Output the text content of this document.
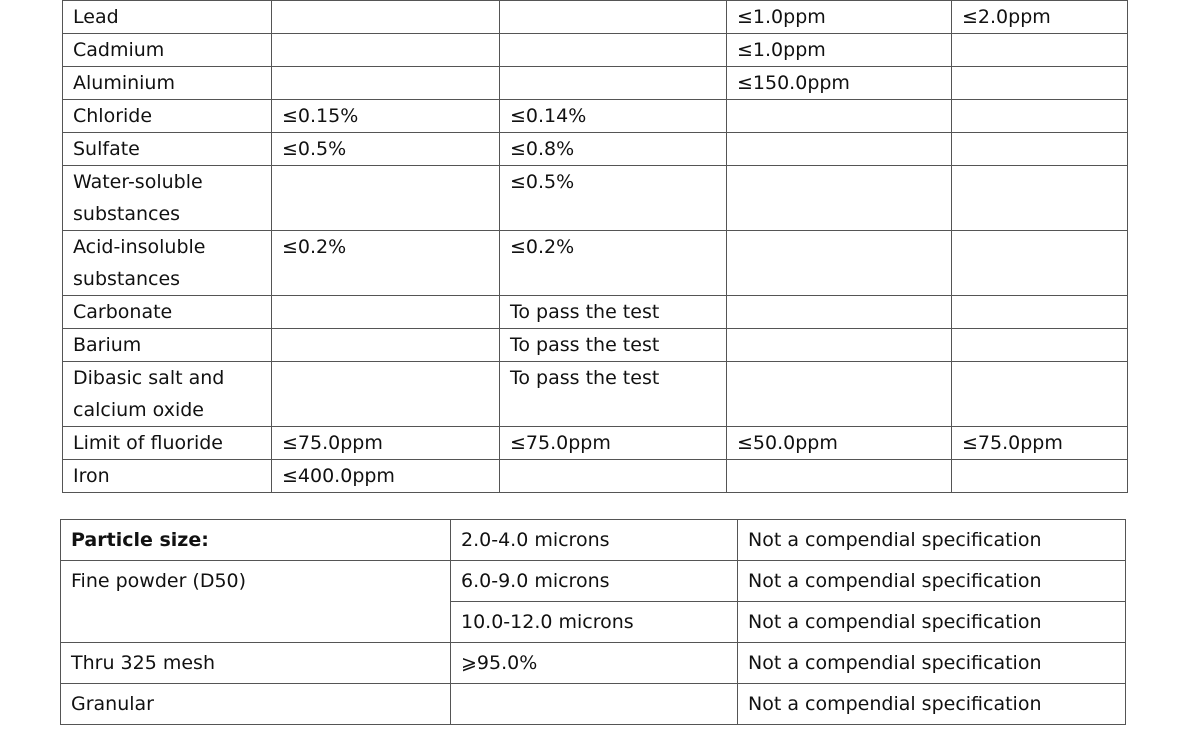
Lead			≤1.0ppm	≤2.0ppm
Cadmium			≤1.0ppm	
Aluminium			≤150.0ppm	
Chloride	≤0.15%	≤0.14%		
Sulfate	≤0.5%	≤0.8%		
Water-soluble substances		≤0.5%		
Acid-insoluble substances	≤0.2%	≤0.2%		
Carbonate		To pass the test		
Barium		To pass the test		
Dibasic salt and calcium oxide		To pass the test		
Limit of fluoride	≤75.0ppm	≤75.0ppm	≤50.0ppm	≤75.0ppm
Iron	≤400.0ppm			
Particle size:	2.0-4.0 microns	Not a compendial specification
Fine powder (D50)	6.0-9.0 microns	Not a compendial specification
	10.0-12.0 microns	Not a compendial specification
Thru 325 mesh	⩾95.0%	Not a compendial specification
Granular		Not a compendial specification
